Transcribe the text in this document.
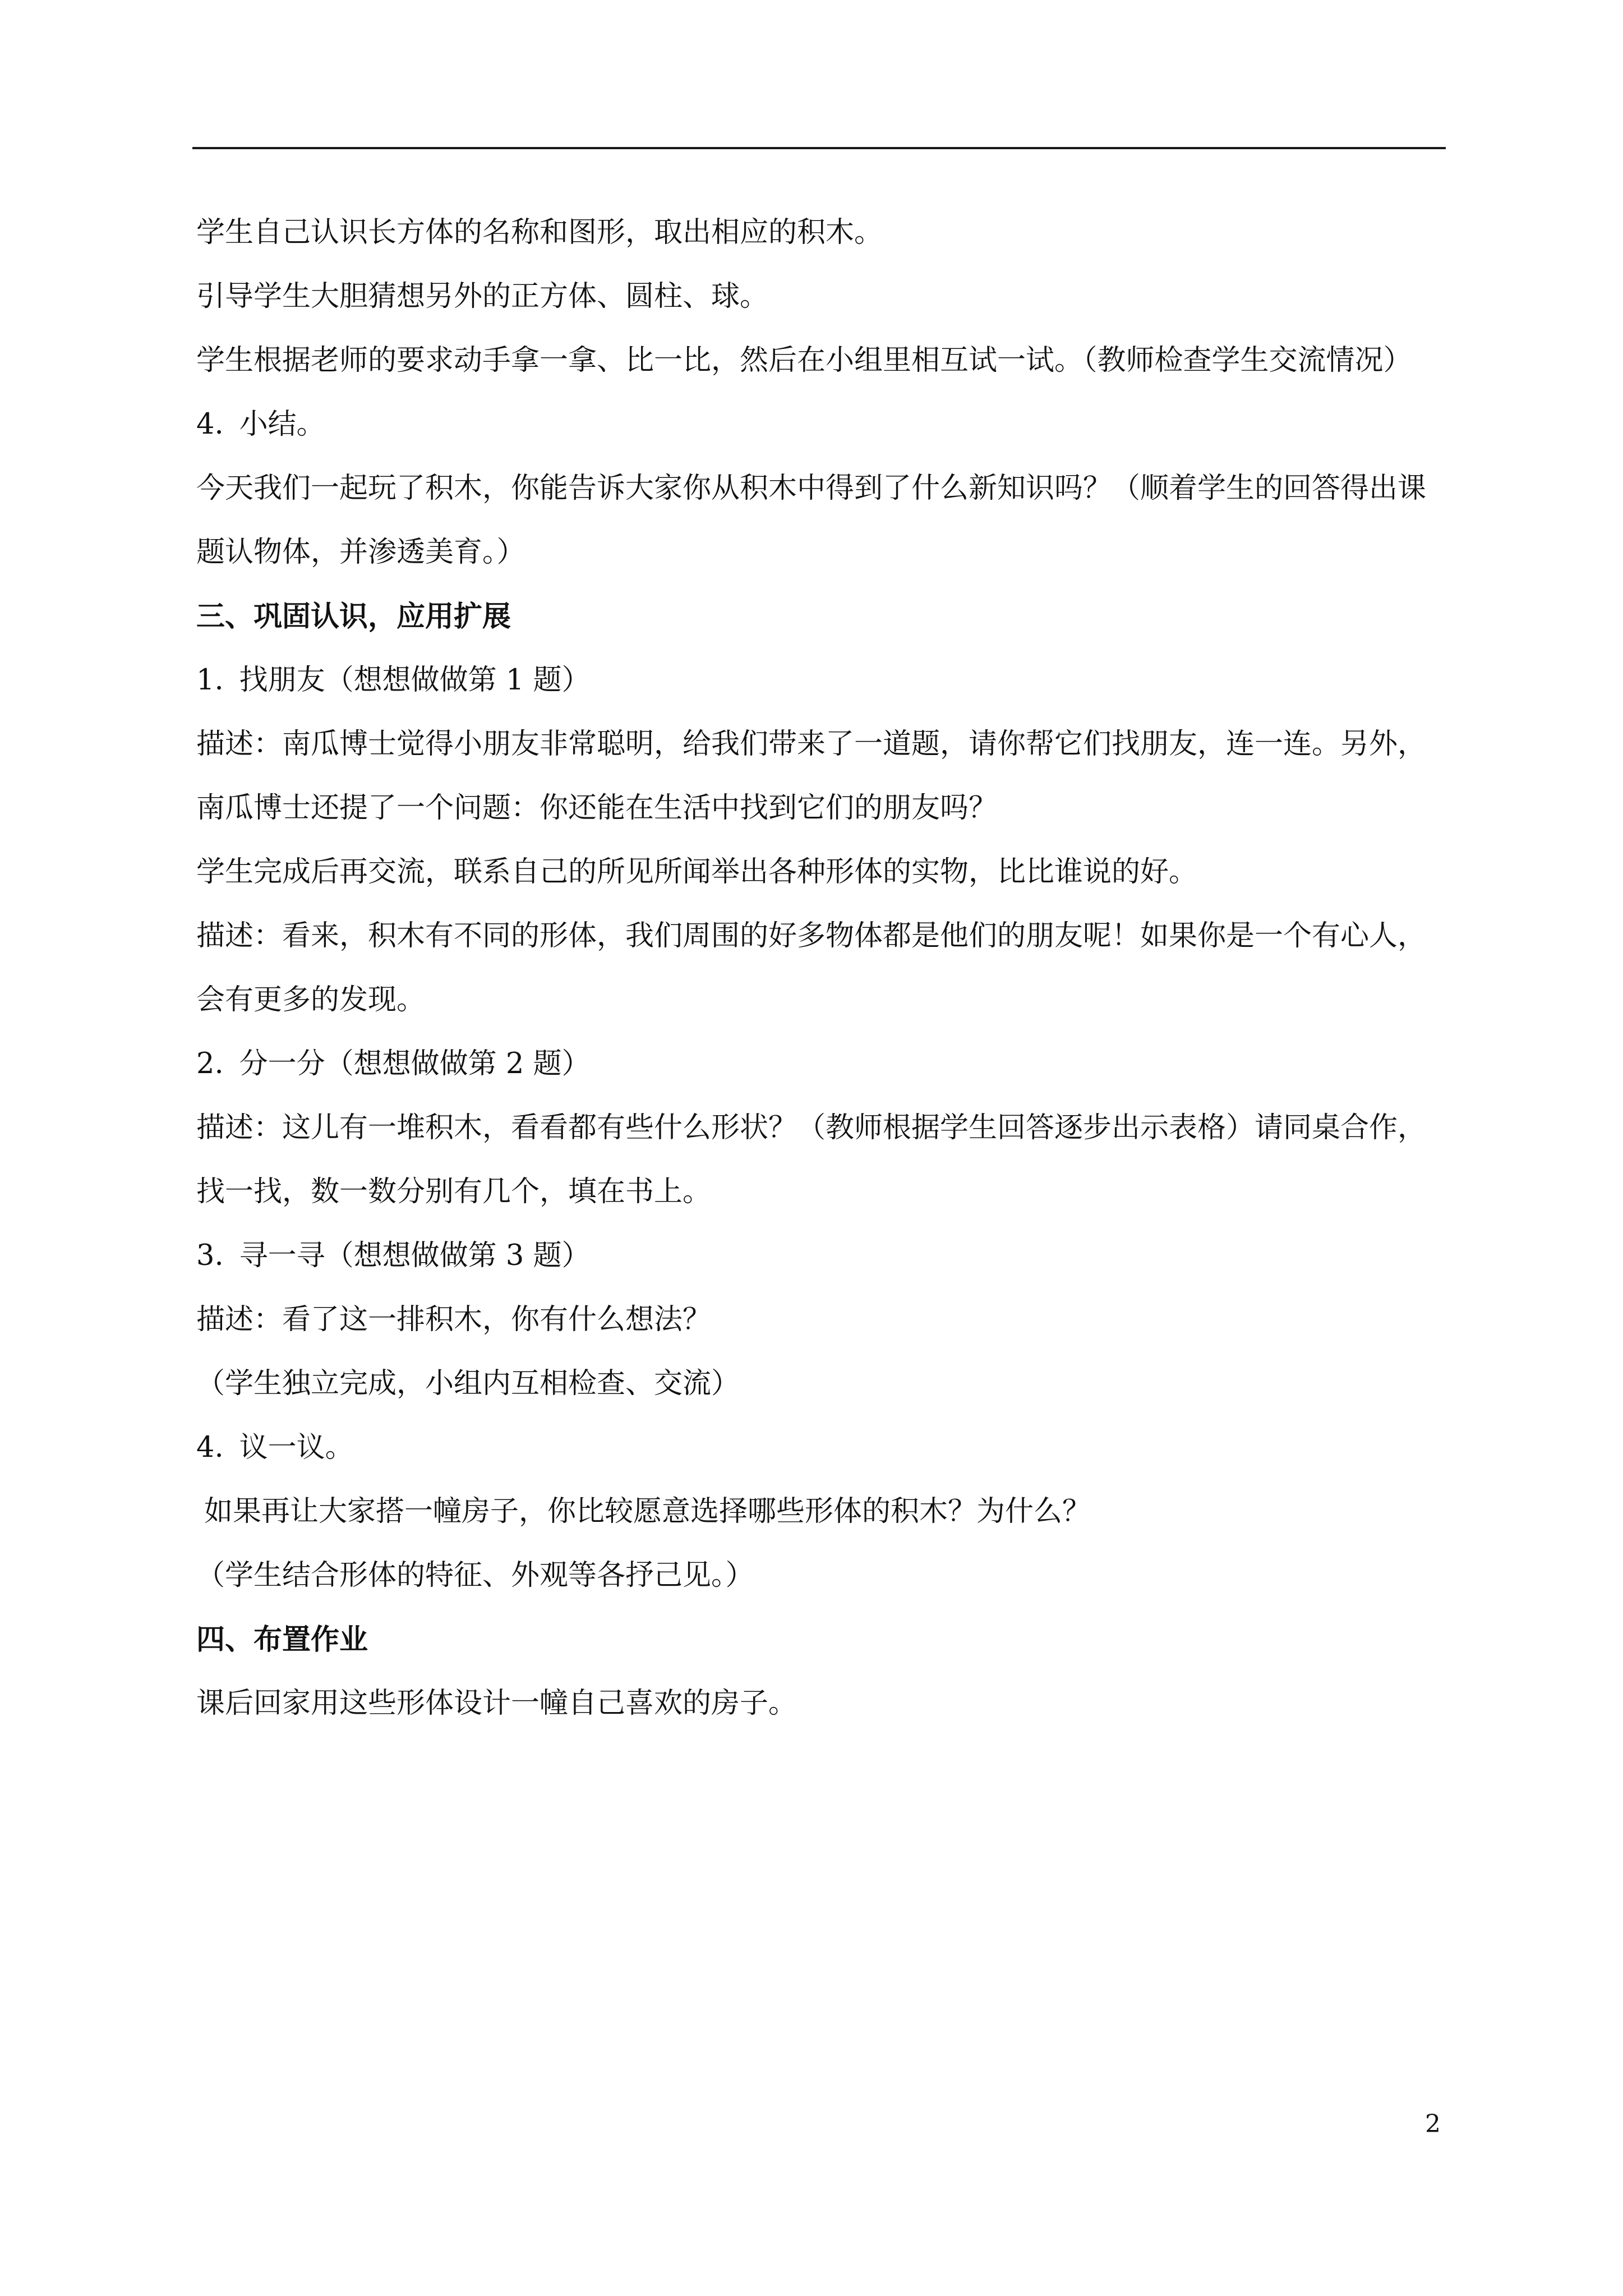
学生自己认识长方体的名称和图形，取出相应的积木。

引导学生大胆猜想另外的正方体、圆柱、球。

学生根据老师的要求动手拿一拿、比一比，然后在小组里相互试一试。（教师检查学生交流情况）

4. 小结。

今天我们一起玩了积木，你能告诉大家你从积木中得到了什么新知识吗？（顺着学生的回答得出课题认物体，并渗透美育。）

三、巩固认识，应用扩展

1. 找朋友（想想做做第 1 题）

描述：南瓜博士觉得小朋友非常聪明，给我们带来了一道题，请你帮它们找朋友，连一连。另外，南瓜博士还提了一个问题：你还能在生活中找到它们的朋友吗？

学生完成后再交流，联系自己的所见所闻举出各种形体的实物，比比谁说的好。

描述：看来，积木有不同的形体，我们周围的好多物体都是他们的朋友呢！如果你是一个有心人，会有更多的发现。

2. 分一分（想想做做第 2 题）

描述：这儿有一堆积木，看看都有些什么形状？（教师根据学生回答逐步出示表格）请同桌合作，找一找，数一数分别有几个，填在书上。

3. 寻一寻（想想做做第 3 题）

描述：看了这一排积木，你有什么想法？

（学生独立完成，小组内互相检查、交流）

4. 议一议。

如果再让大家搭一幢房子，你比较愿意选择哪些形体的积木？为什么？

（学生结合形体的特征、外观等各抒己见。）

四、布置作业

课后回家用这些形体设计一幢自己喜欢的房子。

2
